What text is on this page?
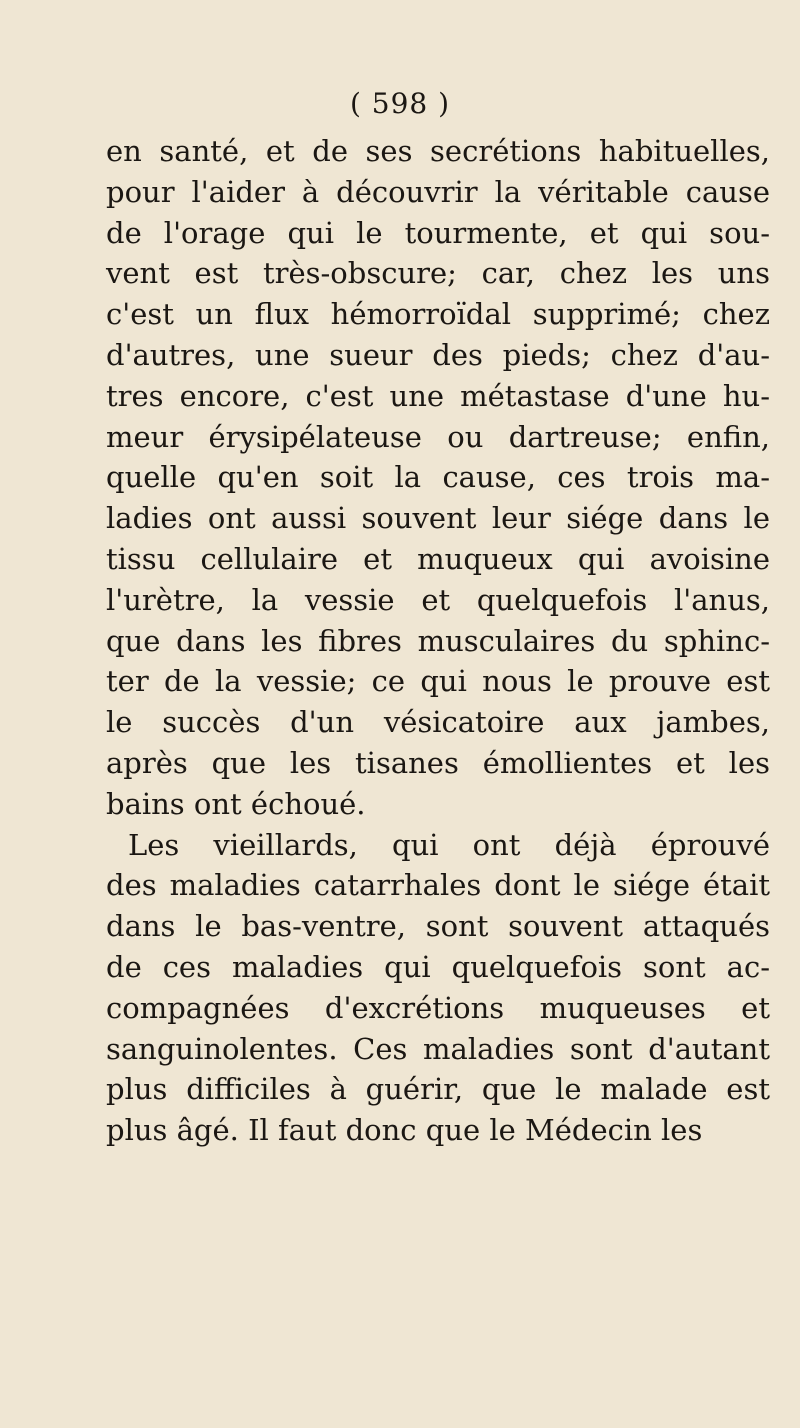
( 598 )
en santé, et de ses secrétions habituelles,
pour l'aider à découvrir la véritable cause
de l'orage qui le tourmente, et qui sou-
vent est très-obscure; car, chez les uns
c'est un flux hémorroïdal supprimé; chez
d'autres, une sueur des pieds; chez d'au-
tres encore, c'est une métastase d'une hu-
meur érysipélateuse ou dartreuse; enfin,
quelle qu'en soit la cause, ces trois ma-
ladies ont aussi souvent leur siége dans le
tissu cellulaire et muqueux qui avoisine
l'urètre, la vessie et quelquefois l'anus,
que dans les fibres musculaires du sphinc-
ter de la vessie; ce qui nous le prouve est
le succès d'un vésicatoire aux jambes,
après que les tisanes émollientes et les
bains ont échoué.
Les vieillards, qui ont déjà éprouvé
des maladies catarrhales dont le siége était
dans le bas-ventre, sont souvent attaqués
de ces maladies qui quelquefois sont ac-
compagnées d'excrétions muqueuses et
sanguinolentes. Ces maladies sont d'autant
plus difficiles à guérir, que le malade est
plus âgé. Il faut donc que le Médecin les
